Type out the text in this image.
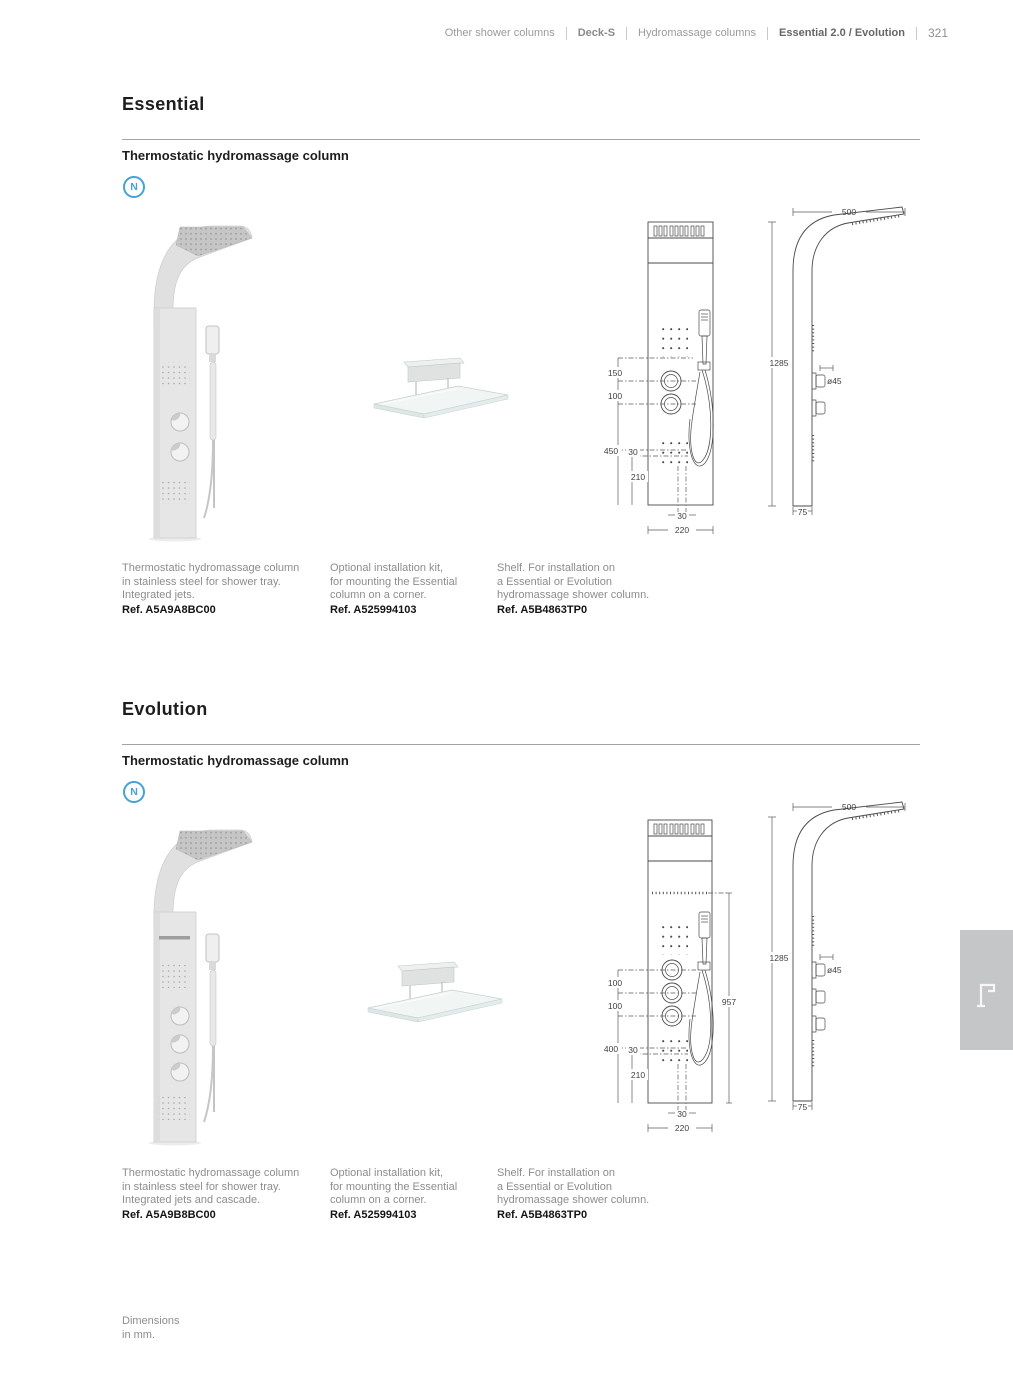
Other shower columns Deck-S Hydromassage columns Essential 2.0 / Evolution 321
Essential
Thermostatic hydromassage column
N
150
100
450 30
210
30
220
500
1285
ø45
75
Thermostatic hydromassage column
in stainless steel for shower tray.
Integrated jets.
Ref. A5A9A8BC00
Optional installation kit,
for mounting the Essential
column on a corner.
Ref. A525994103
Shelf. For installation on
a Essential or Evolution
hydromassage shower column.
Ref. A5B4863TP0
Evolution
Thermostatic hydromassage column
N
957
100
100
400 30
210
30
220
500
1285
ø45
75
Thermostatic hydromassage column
in stainless steel for shower tray.
Integrated jets and cascade.
Ref. A5A9B8BC00
Optional installation kit,
for mounting the Essential
column on a corner.
Ref. A525994103
Shelf. For installation on
a Essential or Evolution
hydromassage shower column.
Ref. A5B4863TP0
Dimensions
in mm.
